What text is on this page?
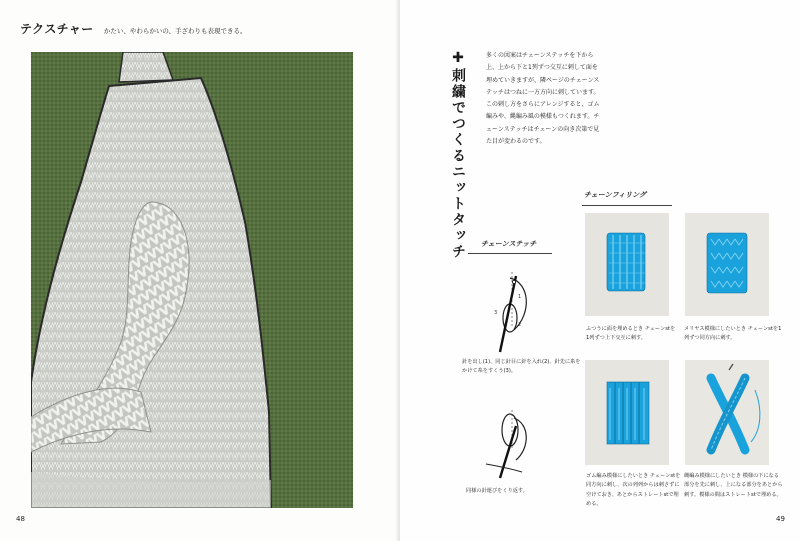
テクスチャー かたい、やわらかいの、手ざわりも表現できる。
48
✚刺繍でつくるニットタッチ
多くの図案はチェーンステッチを下から上、上から下と1列ずつ交互に刺して面を埋めていきますが、隣ページのチェーンステッチはつねに一方方向に刺しています。この刺し方をさらにアレンジすると、ゴム編みや、縄編み風の模様もつくれます。チェーンステッチはチェーンの向き次第で見た目が変わるのです。
チェーンステッチ
1
2
3
針を出し(1)、同じ針目に針を入れ(2)、針先に糸をかけて糸をすくう(3)。
同様の針運びをくり返す。
チェーンフィリング
ふつうに面を埋めるとき チェーンstを1列ずつ上下交互に刺す。
メリヤス模様にしたいとき チェーンstを1列ずつ同方向に刺す。
ゴム編み模様にしたいとき チェーンstを同方向に刺し、次の列列からは刺さずに空けておき、あとからストレートstで埋める。
縄編み模様にしたいとき 模様の下になる部分を先に刺し、上になる部分をあとから刺す。模様の間はストレートstで埋める。
49
